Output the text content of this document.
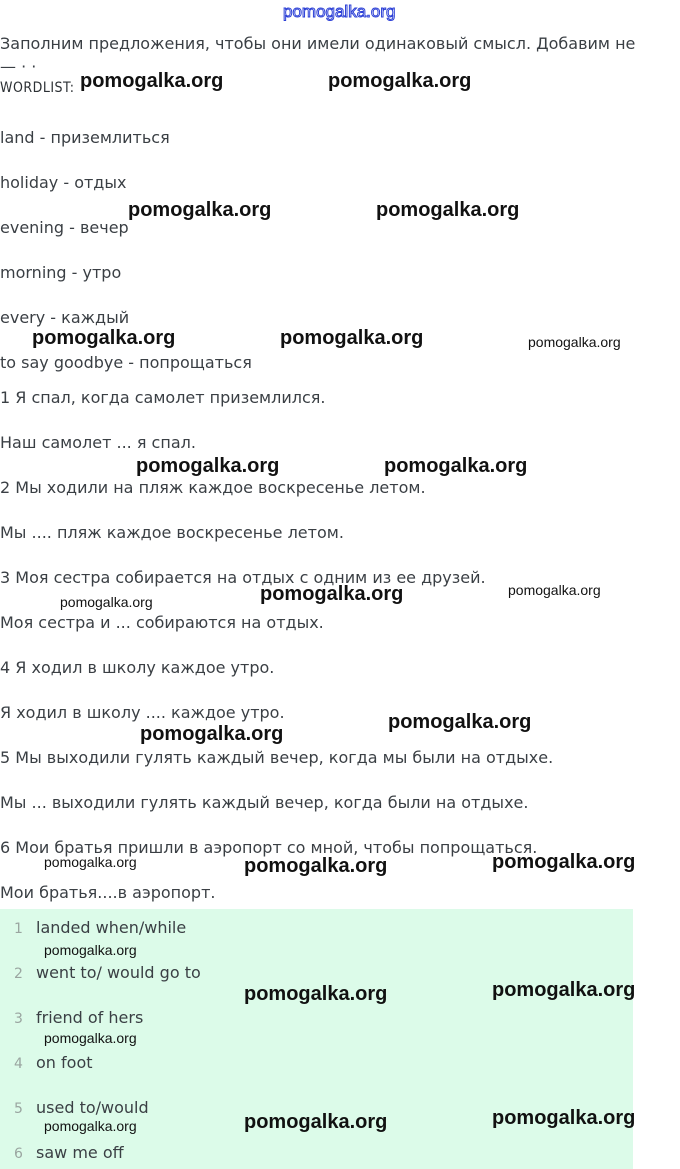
pomogalka.org
Заполним предложения, чтобы они имели одинаковый смысл. Добавим не
— · ·
WORDLIST:
land - приземлиться
holiday - отдых
evening - вечер
morning - утро
every - каждый
to say goodbye - попрощаться
1 Я спал, когда самолет приземлился.
Наш самолет ... я спал.
2 Мы ходили на пляж каждое воскресенье летом.
Мы .... пляж каждое воскресенье летом.
3 Моя сестра собирается на отдых с одним из ее друзей.
Моя сестра и ... собираются на отдых.
4 Я ходил в школу каждое утро.
Я ходил в школу .... каждое утро.
5 Мы выходили гулять каждый вечер, когда мы были на отдыхе.
Мы ... выходили гулять каждый вечер, когда были на отдыхе.
6 Мои братья пришли в аэропорт со мной, чтобы попрощаться.
Мои братья....в аэропорт.
1 landed when/while
2 went to/ would go to
3 friend of hers
4 on foot
5 used to/would
6 saw me off
pomogalka.org	pomogalka.org
pomogalka.org	pomogalka.org
pomogalka.org	pomogalka.org	pomogalka.org
pomogalka.org	pomogalka.org
pomogalka.org
pomogalka.org
pomogalka.org
pomogalka.org
pomogalka.org
pomogalka.org
pomogalka.org	pomogalka.org
pomogalka.org
pomogalka.org
pomogalka.org
pomogalka.org
pomogalka.org
pomogalka.org
pomogalka.org
